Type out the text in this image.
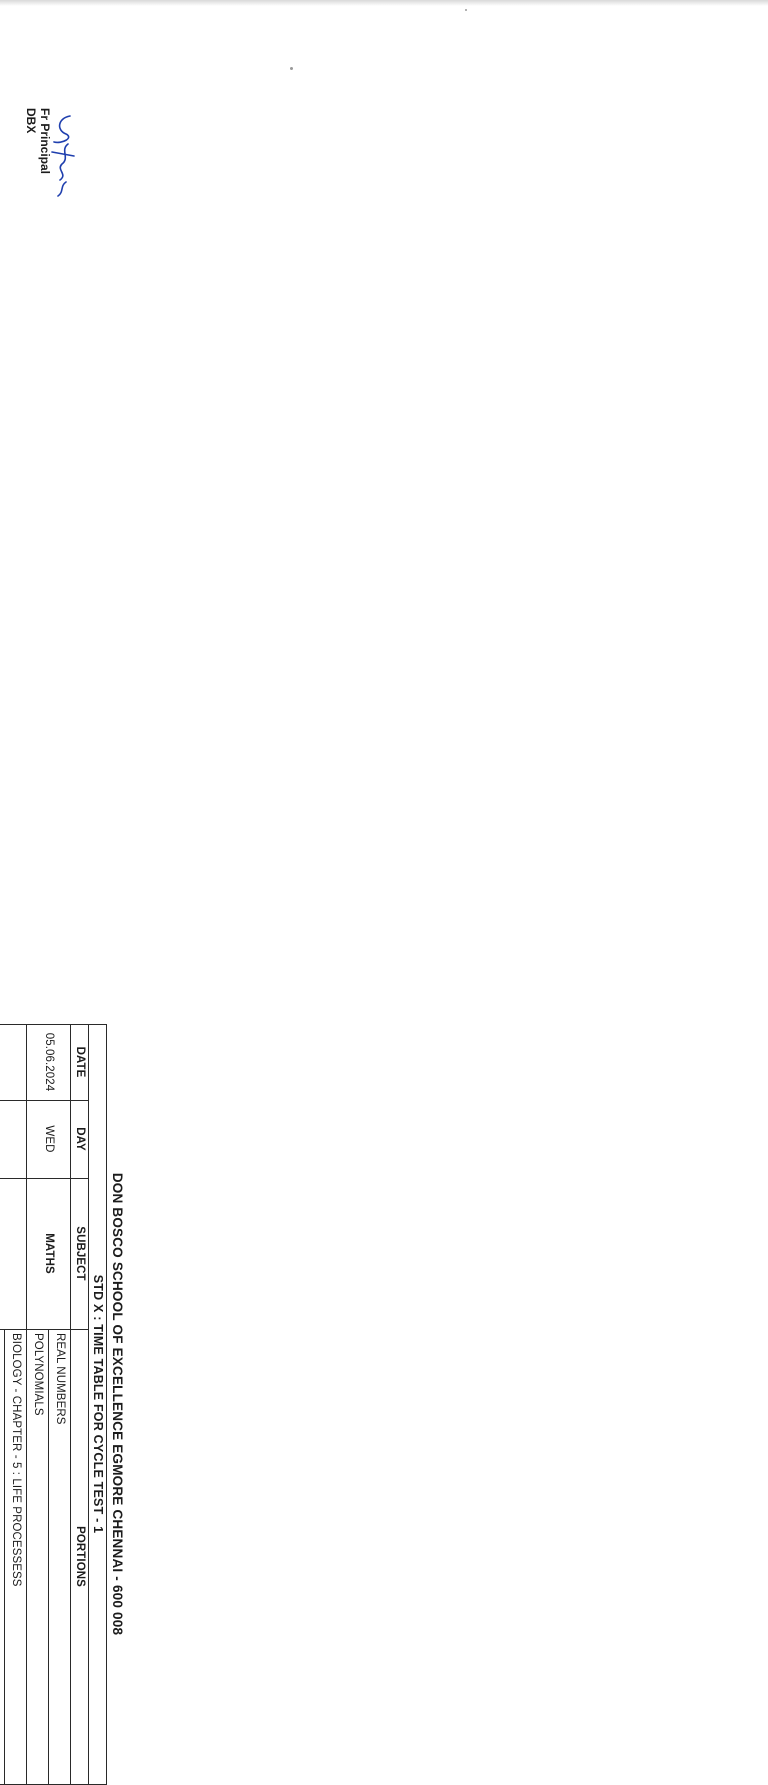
Fr Principal
DBX
DON BOSCO SCHOOL OF EXCELLENCE EGMORE CHENNAI - 600 008
STD X : TIME TABLE FOR CYCLE TEST - 1
DATE
DAY
SUBJECT
PORTIONS
05.06.2024
WED
MATHS
REAL NUMBERS
POLYNOMIALS
BIOLOGY - CHAPTER - 5 : LIFE PROCESSESS
